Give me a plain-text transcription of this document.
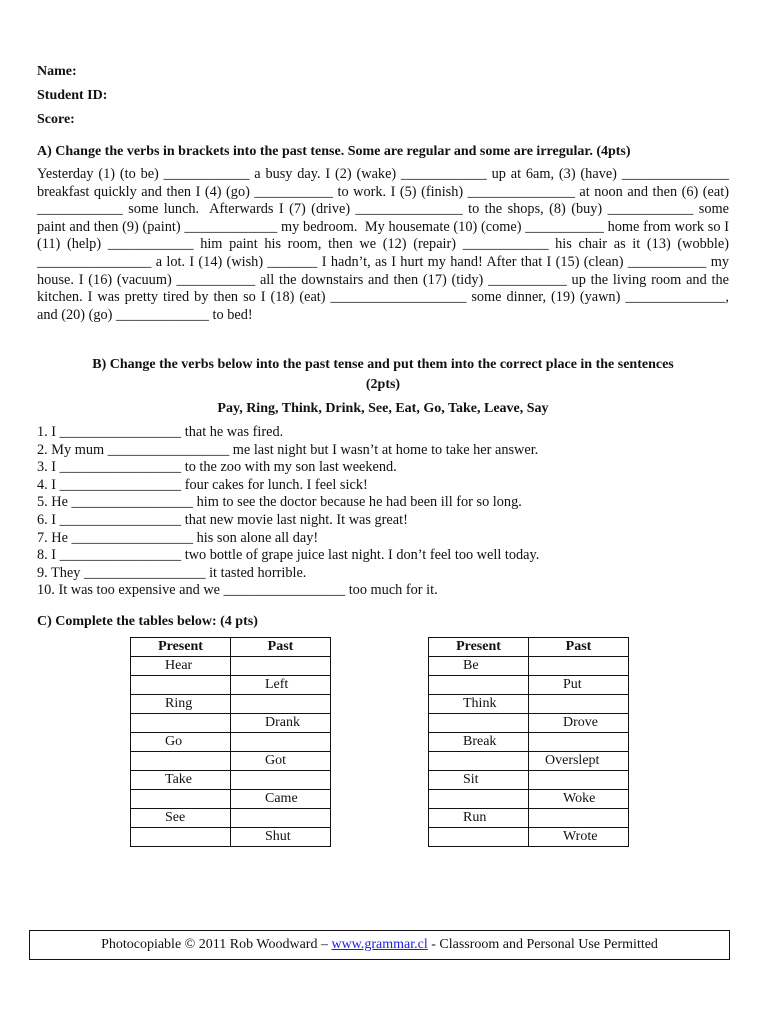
Name:
Student ID:
Score:
A) Change the verbs in brackets into the past tense. Some are regular and some are irregular. (4pts)
Yesterday (1) (to be) ____________ a busy day. I (2) (wake) ____________ up at 6am, (3) (have) _______________ breakfast quickly and then I (4) (go) ___________ to work. I (5) (finish) _______________ at noon and then (6) (eat) ____________ some lunch.  Afterwards I (7) (drive) _______________ to the shops, (8) (buy) ____________ some paint and then (9) (paint) _____________ my bedroom.  My housemate (10) (come) ___________ home from work so I (11) (help) ____________ him paint his room, then we (12) (repair) ____________ his chair as it (13) (wobble) ________________ a lot. I (14) (wish) _______ I hadn’t, as I hurt my hand! After that I (15) (clean) ___________ my house. I (16) (vacuum) ___________ all the downstairs and then (17) (tidy) ___________ up the living room and the kitchen. I was pretty tired by then so I (18) (eat) ___________________ some dinner, (19) (yawn) ______________, and (20) (go) _____________ to bed!
B) Change the verbs below into the past tense and put them into the correct place in the sentences
(2pts)
Pay, Ring, Think, Drink, See, Eat, Go, Take, Leave, Say
1. I _________________ that he was fired.
2. My mum _________________ me last night but I wasn’t at home to take her answer.
3. I _________________ to the zoo with my son last weekend.
4. I _________________ four cakes for lunch. I feel sick!
5. He _________________ him to see the doctor because he had been ill for so long.
6. I _________________ that new movie last night. It was great!
7. He _________________ his son alone all day!
8. I _________________ two bottle of grape juice last night. I don’t feel too well today.
9. They _________________ it tasted horrible.
10. It was too expensive and we _________________ too much for it.
C) Complete the tables below: (4 pts)
Present	Past
Hear	
	Left
Ring	
	Drank
Go	
	Got
Take	
	Came
See	
	Shut
Present	Past
Be	
	Put
Think	
	Drove
Break	
	Overslept
Sit	
	Woke
Run	
	Wrote
Photocopiable © 2011 Rob Woodward – www.grammar.cl - Classroom and Personal Use Permitted
